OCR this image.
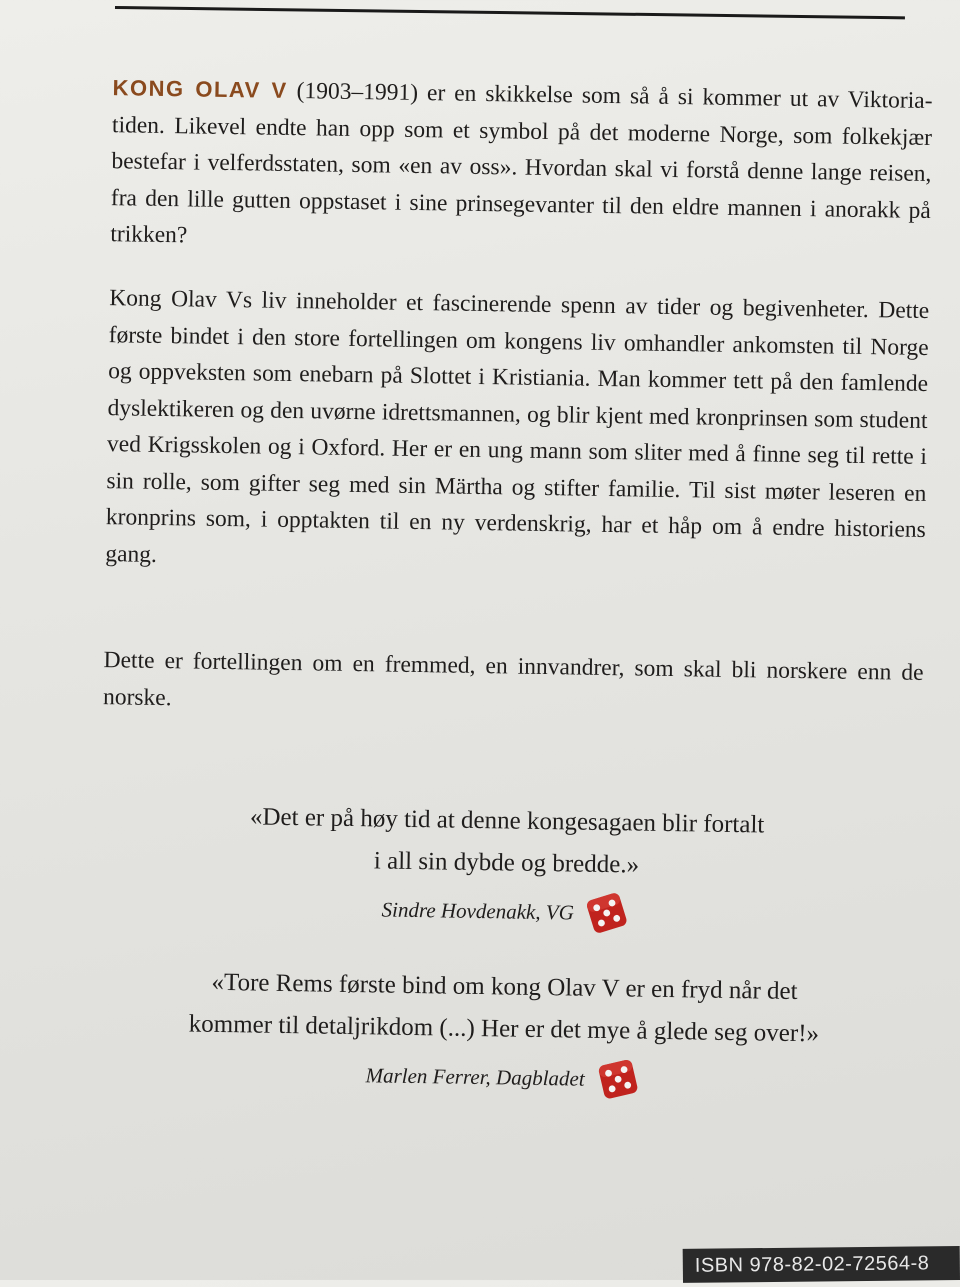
KONG OLAV V (1903–1991) er en skikkelse som så å si kommer ut av Viktoria-tiden. Likevel endte han opp som et symbol på det moderne Norge, som folkekjær bestefar i velferdsstaten, som «en av oss». Hvordan skal vi forstå denne lange reisen, fra den lille gutten oppstaset i sine prinsegevanter til den eldre mannen i anorakk på trikken?

Kong Olav Vs liv inneholder et fascinerende spenn av tider og begivenheter. Dette første bindet i den store fortellingen om kongens liv omhandler ankomsten til Norge og oppveksten som enebarn på Slottet i Kristiania. Man kommer tett på den famlende dyslektikeren og den uvørne idrettsmannen, og blir kjent med kronprinsen som student ved Krigsskolen og i Oxford. Her er en ung mann som sliter med å finne seg til rette i sin rolle, som gifter seg med sin Märtha og stifter familie. Til sist møter leseren en kronprins som, i opptakten til en ny verdenskrig, har et håp om å endre historiens gang.

Dette er fortellingen om en fremmed, en innvandrer, som skal bli norskere enn de norske.

«Det er på høy tid at denne kongesagaen blir fortalt
i all sin dybde og bredde.»

Sindre Hovdenakk, VG

«Tore Rems første bind om kong Olav V er en fryd når det
kommer til detaljrikdom (...) Her er det mye å glede seg over!»

Marlen Ferrer, Dagbladet
ISBN 978-82-02-72564-8
